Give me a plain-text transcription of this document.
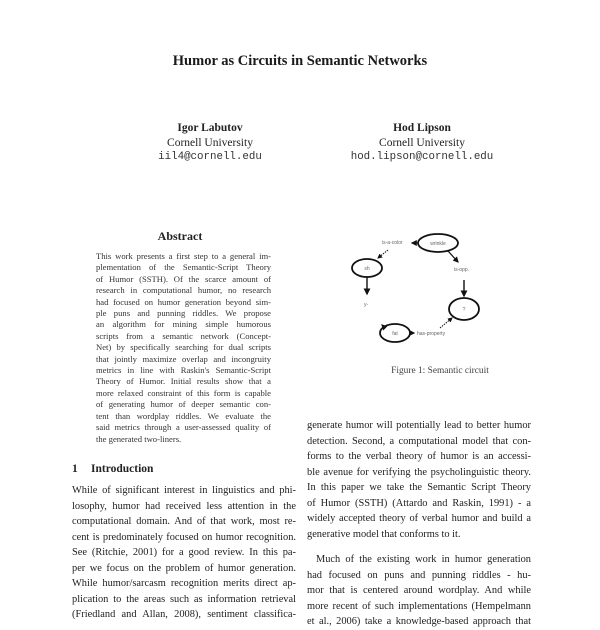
Humor as Circuits in Semantic Networks
Igor Labutov
Cornell University
iil4@cornell.edu
Hod Lipson
Cornell University
hod.lipson@cornell.edu
Abstract
This work presents a first step to a general im-
plementation of the Semantic-Script Theory
of Humor (SSTH). Of the scarce amount of
research in computational humor, no research
had focused on humor generation beyond sim-
ple puns and punning riddles. We propose
an algorithm for mining simple humorous
scripts from a semantic network (Concept-
Net) by specifically searching for dual scripts
that jointly maximize overlap and incongruity
metrics in line with Raskin's Semantic-Script
Theory of Humor. Initial results show that a
more relaxed constraint of this form is capable
of generating humor of deeper semantic con-
tent than wordplay riddles. We evaluate the
said metrics through a user-assessed quality of
the generated two-liners.
1 Introduction
While of significant interest in linguistics and phi-
losophy, humor had received less attention in the
computational domain. And of that work, most re-
cent is predominately focused on humor recognition.
See (Ritchie, 2001) for a good review. In this pa-
per we focus on the problem of humor generation.
While humor/sarcasm recognition merits direct ap-
plication to the areas such as information retrieval
(Friedland and Allan, 2008), sentiment classifica-
generate humor will potentially lead to better humor
detection. Second, a computational model that con-
forms to the verbal theory of humor is an accessi-
ble avenue for verifying the psycholinguistic theory.
In this paper we take the Semantic Script Theory
of Humor (SSTH) (Attardo and Raskin, 1991) - a
widely accepted theory of verbal humor and build a
generative model that conforms to it.
Much of the existing work in humor generation
had focused on puns and punning riddles - hu-
mor that is centered around wordplay. And while
more recent of such implementations (Hempelmann
et al., 2006) take a knowledge-based approach that
wrinkle
sh
?
fat
is-a-color
is-opp.
y-
has-property
Figure 1: Semantic circuit
